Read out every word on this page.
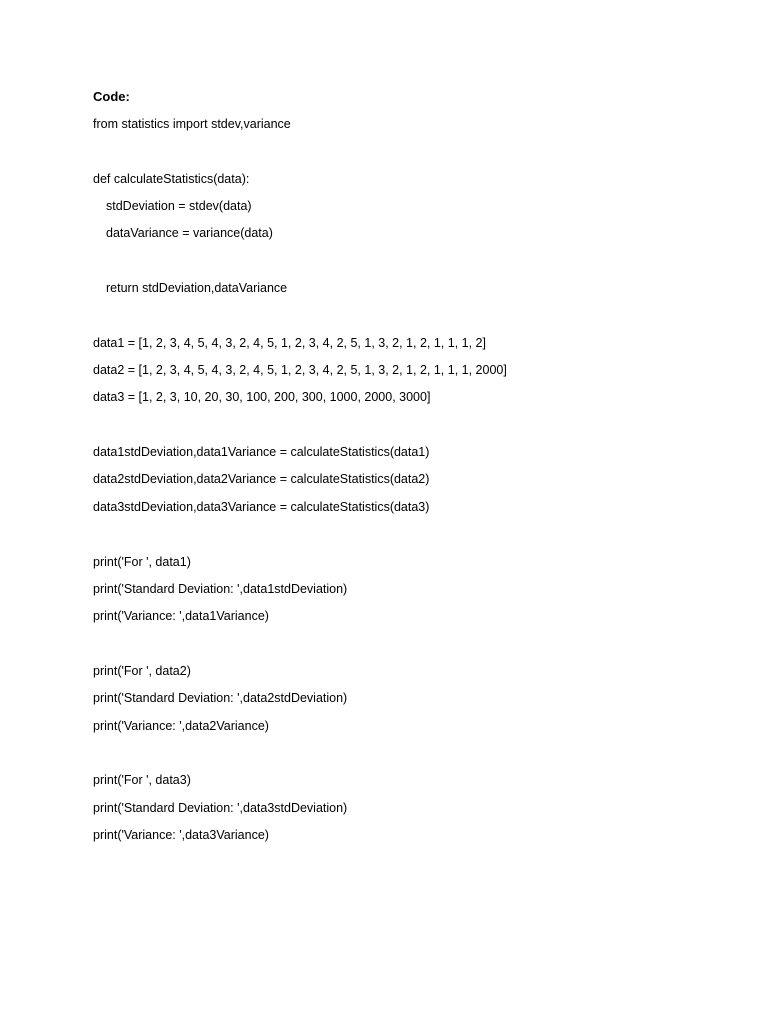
Code:
from statistics import stdev,variance
def calculateStatistics(data):
stdDeviation = stdev(data)
dataVariance = variance(data)
return stdDeviation,dataVariance
data1 = [1, 2, 3, 4, 5, 4, 3, 2, 4, 5, 1, 2, 3, 4, 2, 5, 1, 3, 2, 1, 2, 1, 1, 1, 2]
data2 = [1, 2, 3, 4, 5, 4, 3, 2, 4, 5, 1, 2, 3, 4, 2, 5, 1, 3, 2, 1, 2, 1, 1, 1, 2000]
data3 = [1, 2, 3, 10, 20, 30, 100, 200, 300, 1000, 2000, 3000]
data1stdDeviation,data1Variance = calculateStatistics(data1)
data2stdDeviation,data2Variance = calculateStatistics(data2)
data3stdDeviation,data3Variance = calculateStatistics(data3)
print('For ', data1)
print('Standard Deviation: ',data1stdDeviation)
print('Variance: ',data1Variance)
print('For ', data2)
print('Standard Deviation: ',data2stdDeviation)
print('Variance: ',data2Variance)
print('For ', data3)
print('Standard Deviation: ',data3stdDeviation)
print('Variance: ',data3Variance)
